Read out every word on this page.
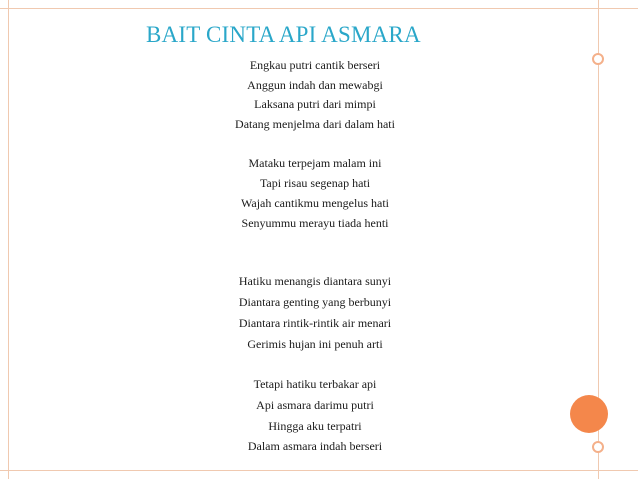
BAIT CINTA API ASMARA
Engkau putri cantik berseri
Anggun indah dan mewabgi
Laksana putri dari mimpi
Datang menjelma dari dalam hati
Mataku terpejam malam ini
Tapi risau segenap hati
Wajah cantikmu mengelus hati
Senyummu merayu tiada henti
Hatiku menangis diantara sunyi
Diantara genting yang berbunyi
Diantara rintik-rintik air menari
Gerimis hujan ini penuh arti
Tetapi hatiku terbakar api
Api asmara darimu putri
Hingga aku terpatri
Dalam asmara indah berseri
